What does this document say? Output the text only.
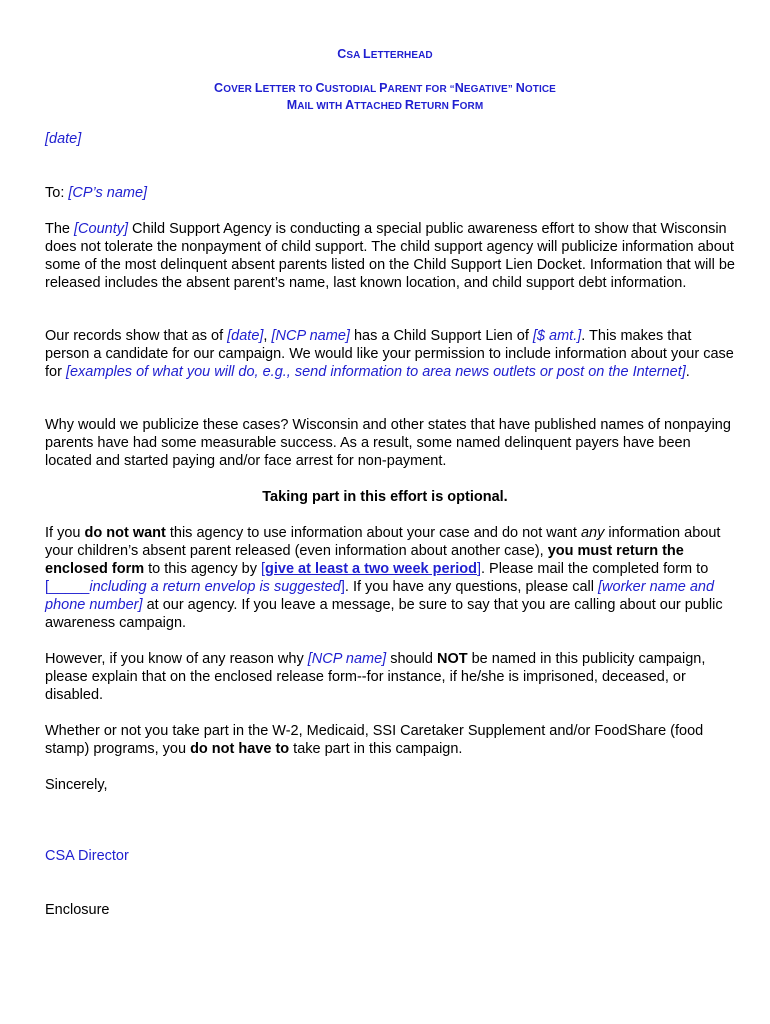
CSA LETTERHEAD
COVER LETTER TO CUSTODIAL PARENT FOR “NEGATIVE” NOTICE
MAIL WITH ATTACHED RETURN FORM
[date]
To: [CP’s name]
The [County] Child Support Agency is conducting a special public awareness effort to show that Wisconsin does not tolerate the nonpayment of child support. The child support agency will publicize information about some of the most delinquent absent parents listed on the Child Support Lien Docket. Information that will be released includes the absent parent’s name, last known location, and child support debt information.
Our records show that as of [date], [NCP name] has a Child Support Lien of [$ amt.]. This makes that person a candidate for our campaign. We would like your permission to include information about your case for [examples of what you will do, e.g., send information to area news outlets or post on the Internet].
Why would we publicize these cases? Wisconsin and other states that have published names of nonpaying parents have had some measurable success. As a result, some named delinquent payers have been located and started paying and/or face arrest for non-payment.
Taking part in this effort is optional.
If you do not want this agency to use information about your case and do not want any information about your children’s absent parent released (even information about another case), you must return the enclosed form to this agency by [give at least a two week period]. Please mail the completed form to [_____including a return envelop is suggested]. If you have any questions, please call [worker name and phone number] at our agency. If you leave a message, be sure to say that you are calling about our public awareness campaign.
However, if you know of any reason why [NCP name] should NOT be named in this publicity campaign, please explain that on the enclosed release form--for instance, if he/she is imprisoned, deceased, or disabled.
Whether or not you take part in the W-2, Medicaid, SSI Caretaker Supplement and/or FoodShare (food stamp) programs, you do not have to take part in this campaign.
Sincerely,
CSA Director
Enclosure
